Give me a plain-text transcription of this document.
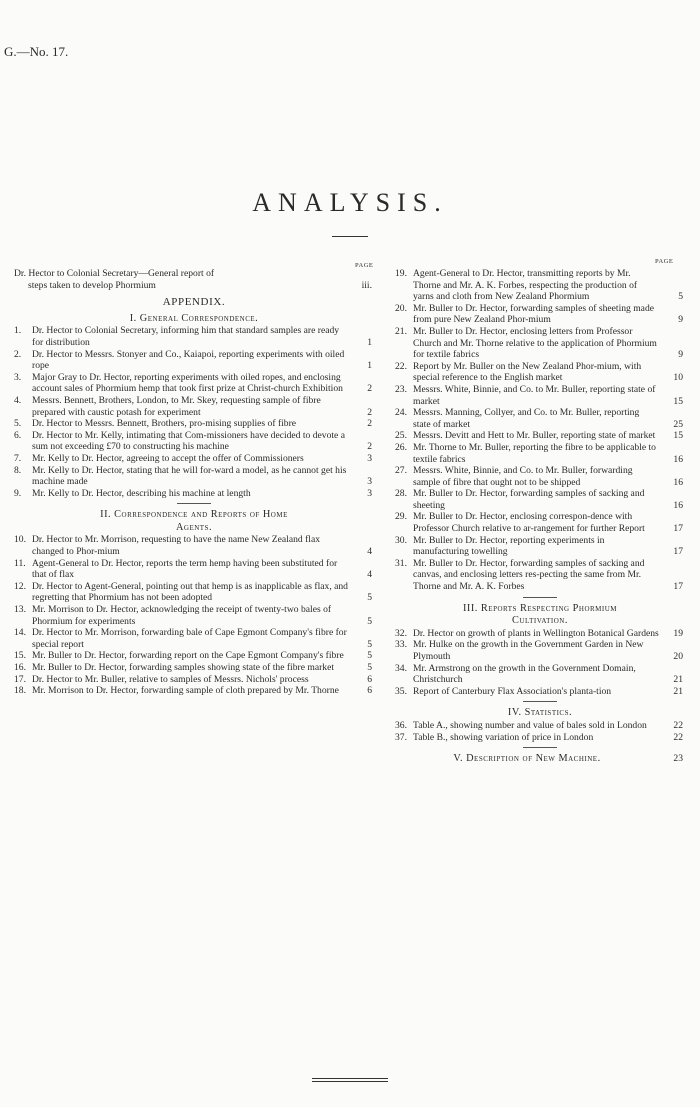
G.—No. 17.
ANALYSIS.
PAGE
PAGE
Dr. Hector to Colonial Secretary—General report of
steps taken to develop Phormium	iii.
APPENDIX.
I. General Correspondence.
1. Dr. Hector to Colonial Secretary, informing him that standard samples are ready for distribution	1
2. Dr. Hector to Messrs. Stonyer and Co., Kaiapoi, reporting experiments with oiled rope	1
3. Major Gray to Dr. Hector, reporting experiments with oiled ropes, and enclosing account sales of Phormium hemp that took first prize at Christ-church Exhibition	2
4. Messrs. Bennett, Brothers, London, to Mr. Skey, requesting sample of fibre prepared with caustic potash for experiment	2
5. Dr. Hector to Messrs. Bennett, Brothers, pro-mising supplies of fibre	2
6. Dr. Hector to Mr. Kelly, intimating that Com-missioners have decided to devote a sum not exceeding £70 to constructing his machine	2
7. Mr. Kelly to Dr. Hector, agreeing to accept the offer of Commissioners	3
8. Mr. Kelly to Dr. Hector, stating that he will for-ward a model, as he cannot get his machine made	3
9. Mr. Kelly to Dr. Hector, describing his machine at length	3
II. Correspondence and Reports of Home
Agents.
10. Dr. Hector to Mr. Morrison, requesting to have the name New Zealand flax changed to Phor-mium	4
11. Agent-General to Dr. Hector, reports the term hemp having been substituted for that of flax	4
12. Dr. Hector to Agent-General, pointing out that hemp is as inapplicable as flax, and regretting that Phormium has not been adopted	5
13. Mr. Morrison to Dr. Hector, acknowledging the receipt of twenty-two bales of Phormium for experiments	5
14. Dr. Hector to Mr. Morrison, forwarding bale of Cape Egmont Company's fibre for special report	5
15. Mr. Buller to Dr. Hector, forwarding report on the Cape Egmont Company's fibre 5
16. Mr. Buller to Dr. Hector, forwarding samples showing state of the fibre market	5
17. Dr. Hector to Mr. Buller, relative to samples of Messrs. Nichols' process	6
18. Mr. Morrison to Dr. Hector, forwarding sample of cloth prepared by Mr. Thorne	6
19. Agent-General to Dr. Hector, transmitting reports by Mr. Thorne and Mr. A. K. Forbes, respecting the production of yarns and cloth from New Zealand Phormium	5
20. Mr. Buller to Dr. Hector, forwarding samples of sheeting made from pure New Zealand Phor-mium	9
21. Mr. Buller to Dr. Hector, enclosing letters from Professor Church and Mr. Thorne relative to the application of Phormium for textile fabrics	9
22. Report by Mr. Buller on the New Zealand Phor-mium, with special reference to the English market	10
23. Messrs. White, Binnie, and Co. to Mr. Buller, reporting state of market	15
24. Messrs. Manning, Collyer, and Co. to Mr. Buller, reporting state of market	25
25. Messrs. Devitt and Hett to Mr. Buller, reporting state of market 15
26. Mr. Thorne to Mr. Buller, reporting the fibre to be applicable to textile fabrics	16
27. Messrs. White, Binnie, and Co. to Mr. Buller, forwarding sample of fibre that ought not to be shipped	16
28. Mr. Buller to Dr. Hector, forwarding samples of sacking and sheeting	16
29. Mr. Buller to Dr. Hector, enclosing correspon-dence with Professor Church relative to ar-rangement for further Report	17
30. Mr. Buller to Dr. Hector, reporting experiments in manufacturing towelling	17
31. Mr. Buller to Dr. Hector, forwarding samples of sacking and canvas, and enclosing letters res-pecting the same from Mr. Thorne and Mr. A. K. Forbes	17
III. Reports Respecting Phormium
Cultivation.
32. Dr. Hector on growth of plants in Wellington Botanical Gardens 19
33. Mr. Hulke on the growth in the Government Garden in New Plymouth	20
34. Mr. Armstrong on the growth in the Government Domain, Christchurch	21
35. Report of Canterbury Flax Association's planta-tion	21
IV. Statistics.
36. Table A., showing number and value of bales sold in London	22
37. Table B., showing variation of price in London	22
V. Description of New Machine.	23
